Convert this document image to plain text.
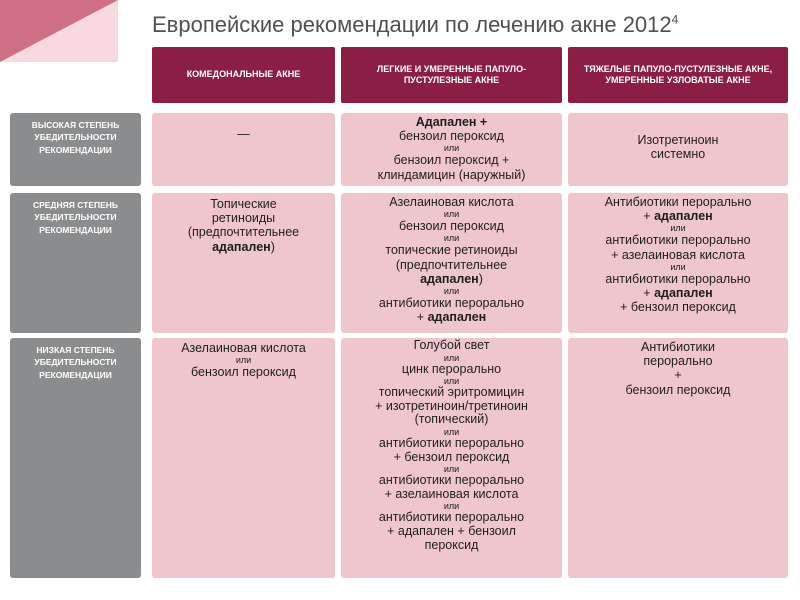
Европейские рекомендации по лечению акне 2012$^4$
КОМЕДОНАЛЬНЫЕ АКНЕ
ЛЕГКИЕ И УМЕРЕННЫЕ ПАПУЛО-ПУСТУЛЕЗНЫЕ АКНЕ
ТЯЖЕЛЫЕ ПАПУЛО-ПУСТУЛЕЗНЫЕ АКНЕ, УМЕРЕННЫЕ УЗЛОВАТЫЕ АКНЕ
ВЫСОКАЯ СТЕПЕНЬ УБЕДИТЕЛЬНОСТИ РЕКОМЕНДАЦИИ
СРЕДНЯЯ СТЕПЕНЬ УБЕДИТЕЛЬНОСТИ РЕКОМЕНДАЦИИ
НИЗКАЯ СТЕПЕНЬ УБЕДИТЕЛЬНОСТИ РЕКОМЕНДАЦИИ
—
Адапален +
бензоил пероксид
или
бензоил пероксид +
клиндамицин (наружный)
Изотретиноин
системно
Топические
ретиноиды
(предпочтительнее
адапален)
Азелаиновая кислота
или
бензоил пероксид
или
топические ретиноиды
(предпочтительнее
адапален)
или
антибиотики перорально
+ адапален
Антибиотики перорально
+ адапален
или
антибиотики перорально
+ азелаиновая кислота
или
антибиотики перорально
+ адапален
+ бензоил пероксид
Азелаиновая кислота
или
бензоил пероксид
Голубой свет
или
цинк перорально
или
топический эритромицин
+ изотретиноин/третиноин
(топический)
или
антибиотики перорально
+ бензоил пероксид
или
антибиотики перорально
+ азелаиновая кислота
или
антибиотики перорально
+ адапален + бензоил
пероксид
Антибиотики
перорально
+
бензоил пероксид
